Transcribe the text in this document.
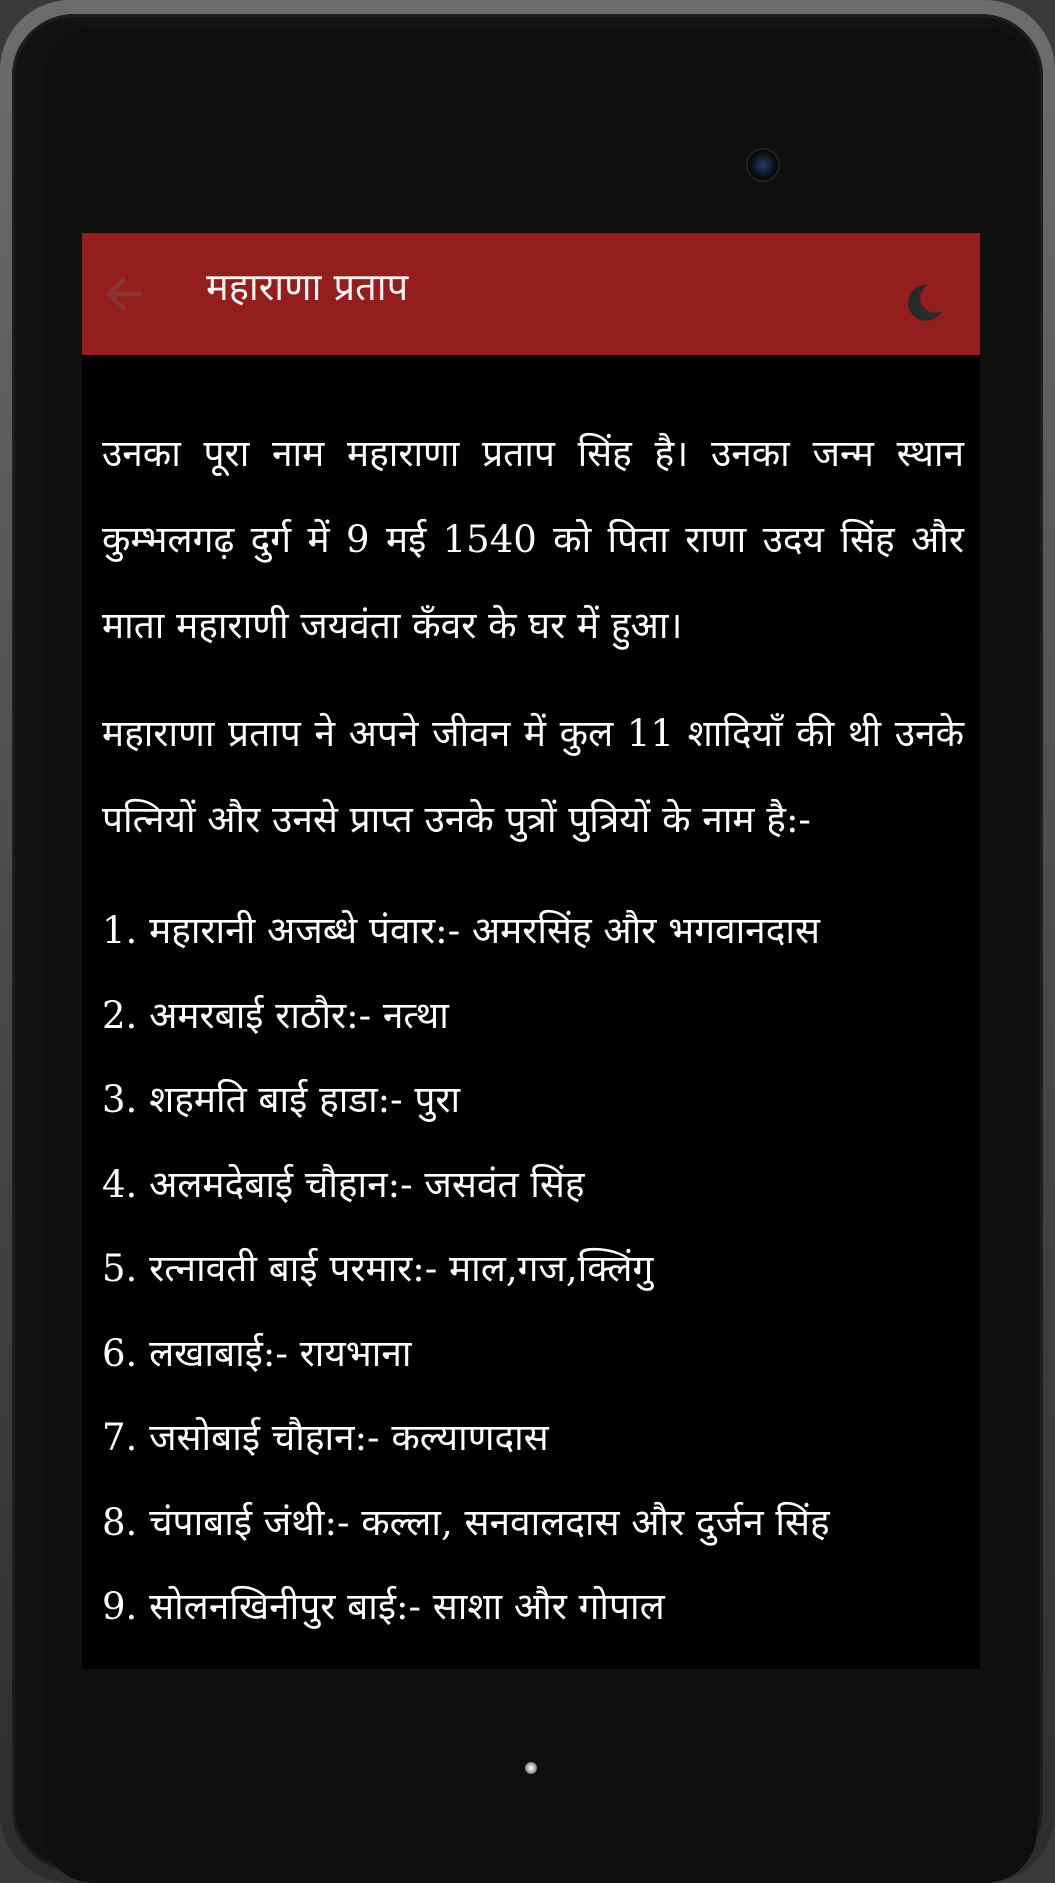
महाराणा प्रताप

उनका पूरा नाम महाराणा प्रताप सिंह है। उनका जन्म स्थान कुम्भलगढ़ दुर्ग में 9 मई 1540 को पिता राणा उदय सिंह और माता महाराणी जयवंता कँवर के घर में हुआ।

महाराणा प्रताप ने अपने जीवन में कुल 11 शादियाँ की थी उनके पत्नियों और उनसे प्राप्त उनके पुत्रों पुत्रियों के नाम है:-

1. महारानी अजब्धे पंवार:- अमरसिंह और भगवानदास
2. अमरबाई राठौर:- नत्था
3. शहमति बाई हाडा:- पुरा
4. अलमदेबाई चौहान:- जसवंत सिंह
5. रत्नावती बाई परमार:- माल,गज,क्लिंगु
6. लखाबाई:- रायभाना
7. जसोबाई चौहान:- कल्याणदास
8. चंपाबाई जंथी:- कल्ला, सनवालदास और दुर्जन सिंह
9. सोलनखिनीपुर बाई:- साशा और गोपाल
